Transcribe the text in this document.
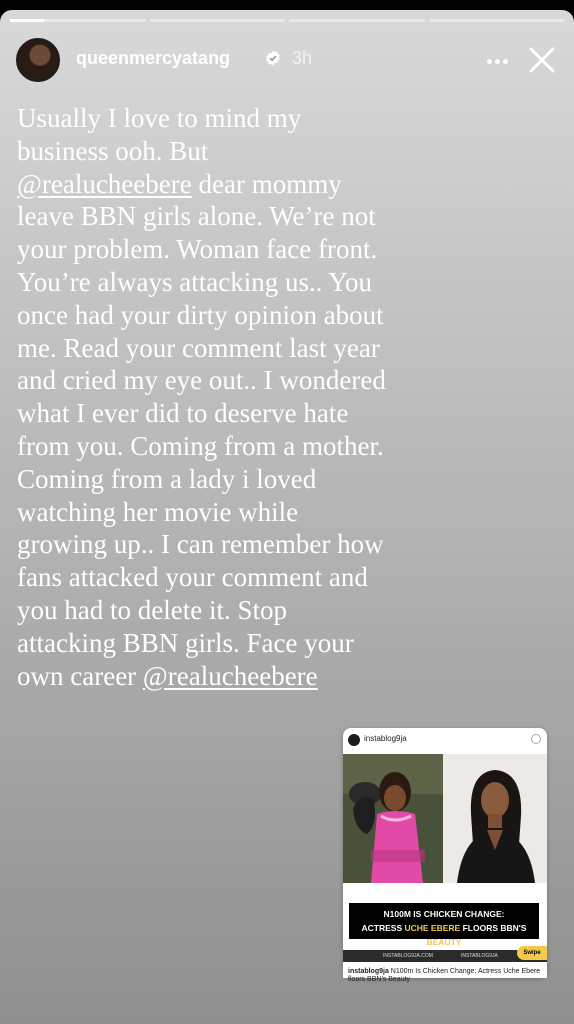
queenmercyatang	3h

Usually I love to mind my business ooh. But @realucheebere dear mommy leave BBN girls alone. We’re not your problem. Woman face front. You’re always attacking us.. You once had your dirty opinion about me. Read your comment last year and cried my eye out.. I wondered what I ever did to deserve hate from you. Coming from a mother. Coming from a lady i loved watching her movie while growing up.. I can remember how fans attacked your comment and you had to delete it. Stop attacking BBN girls. Face your own career @realucheebere

instablog9ja
N100M IS CHICKEN CHANGE:
ACTRESS UCHE EBERE FLOORS BBN'S BEAUTY
INSTABLOG9JA.COM	INSTABLOG9JA	Swipe
instablog9ja N100m Is Chicken Change: Actress Uche Ebere floors BBN's Beauty
